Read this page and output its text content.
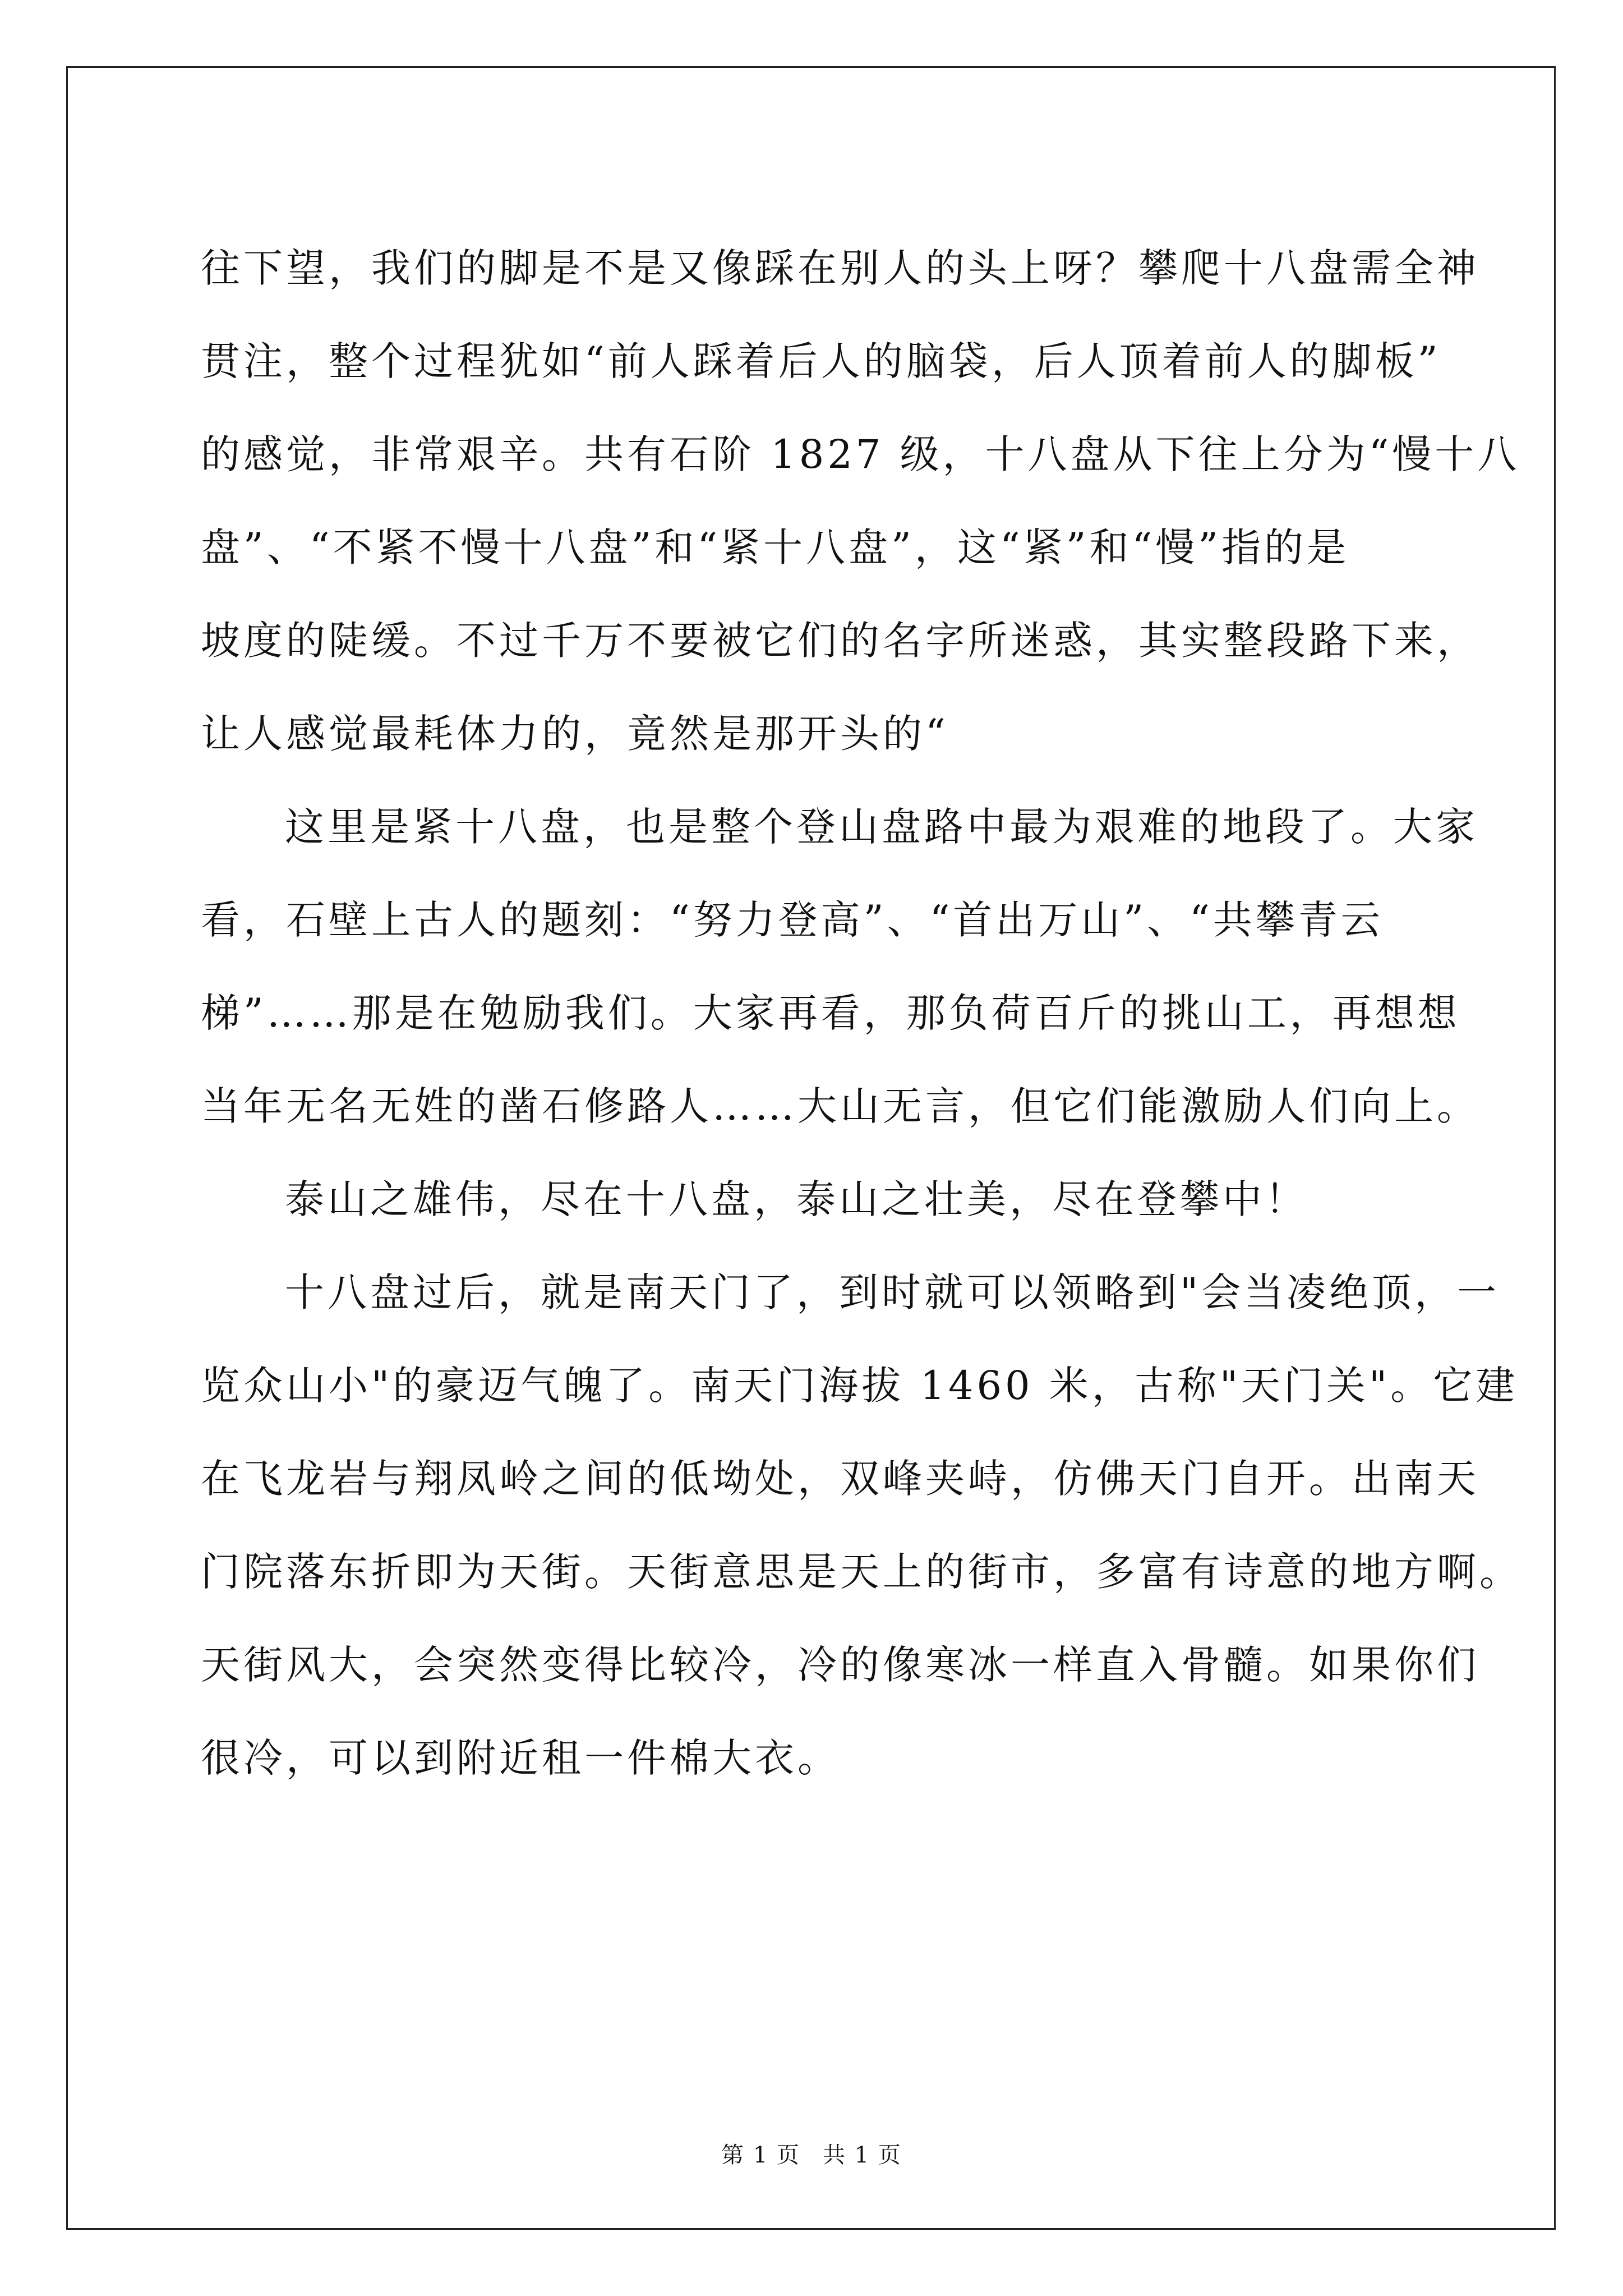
往下望，我们的脚是不是又像踩在别人的头上呀？攀爬十八盘需全神
贯注，整个过程犹如“前人踩着后人的脑袋，后人顶着前人的脚板”
的感觉，非常艰辛。共有石阶 1827 级，十八盘从下往上分为“慢十八
盘”、“不紧不慢十八盘”和“紧十八盘”，这“紧”和“慢”指的是
坡度的陡缓。不过千万不要被它们的名字所迷惑，其实整段路下来，
让人感觉最耗体力的，竟然是那开头的“

这里是紧十八盘，也是整个登山盘路中最为艰难的地段了。大家
看，石壁上古人的题刻：“努力登高”、“首出万山”、“共攀青云
梯”……那是在勉励我们。大家再看，那负荷百斤的挑山工，再想想
当年无名无姓的凿石修路人……大山无言，但它们能激励人们向上。

泰山之雄伟，尽在十八盘，泰山之壮美，尽在登攀中！

十八盘过后，就是南天门了，到时就可以领略到"会当凌绝顶，一
览众山小"的豪迈气魄了。南天门海拔 1460 米，古称"天门关"。它建
在飞龙岩与翔凤岭之间的低坳处，双峰夹峙，仿佛天门自开。出南天
门院落东折即为天街。天街意思是天上的街市，多富有诗意的地方啊。
天街风大，会突然变得比较冷，冷的像寒冰一样直入骨髓。如果你们
很冷，可以到附近租一件棉大衣。

第 1 页 共 1 页
